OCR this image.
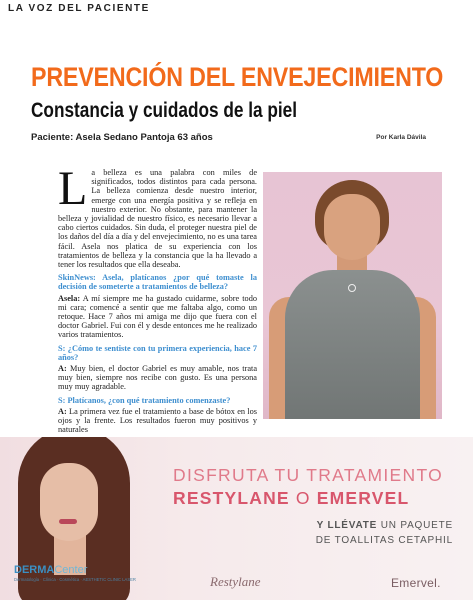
LA VOZ DEL PACIENTE
PREVENCIÓN DEL ENVEJECIMIENTO
Constancia y cuidados de la piel
Paciente: Asela Sedano Pantoja 63 años	Por Karla Dávila

La belleza es una palabra con miles de significados, todos distintos para cada persona. La belleza comienza desde nuestro interior, emerge con una energía positiva y se refleja en nuestro exterior. No obstante, para mantener la belleza y jovialidad de nuestro físico, es necesario llevar a cabo ciertos cuidados. Sin duda, el proteger nuestra piel de los daños del día a día y del envejecimiento, no es una tarea fácil. Asela nos platica de su experiencia con los tratamientos de belleza y la constancia que la ha llevado a tener los resultados que ella deseaba.

SkinNews: Asela, platícanos ¿por qué tomaste la decisión de someterte a tratamientos de belleza?

Asela: A mí siempre me ha gustado cuidarme, sobre todo mi cara; comencé a sentir que me faltaba algo, como un retoque. Hace 7 años mi amiga me dijo que fuera con el doctor Gabriel. Fui con él y desde entonces me he realizado varios tratamientos.

S: ¿Cómo te sentiste con tu primera experiencia, hace 7 años?

A: Muy bien, el doctor Gabriel es muy amable, nos trata muy bien, siempre nos recibe con gusto. Es una persona muy muy agradable.

S: Platícanos, ¿con qué tratamiento comenzaste?

A: La primera vez fue el tratamiento a base de bótox en los ojos y la frente. Los resultados fueron muy positivos y naturales

DISFRUTA TU TRATAMIENTO
RESTYLANE O EMERVEL
Y LLÉVATE UN PAQUETE
DE TOALLITAS CETAPHIL
DERMACenter
Dermatología · Clínica · Cosmética · AESTHETIC CLINIC LASER	Restylane	Emervel.
